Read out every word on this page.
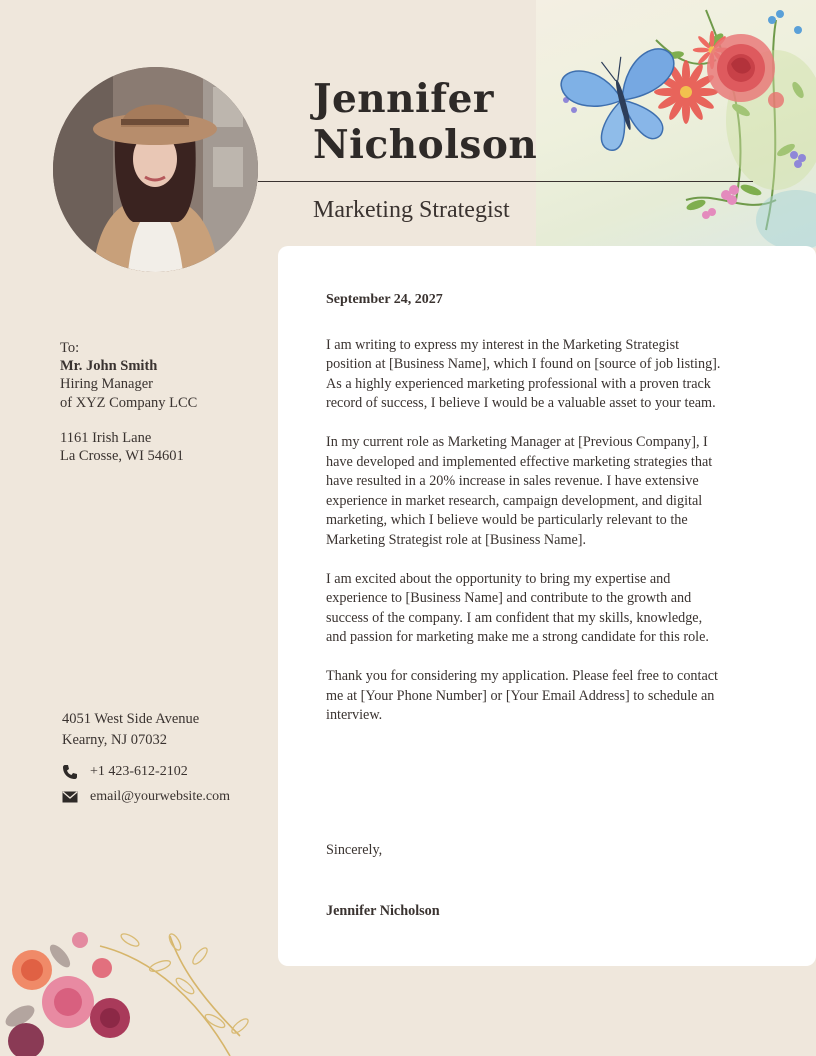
Jennifer
Nicholson
Marketing Strategist
To:
Mr. John Smith
Hiring Manager
of XYZ Company LCC
1161 Irish Lane
La Crosse, WI 54601
4051 West Side Avenue
Kearny, NJ 07032
+1 423-612-2102
email@yourwebsite.com
September 24, 2027

I am writing to express my interest in the Marketing Strategist position at [Business Name], which I found on [source of job listing]. As a highly experienced marketing professional with a proven track record of success, I believe I would be a valuable asset to your team.

In my current role as Marketing Manager at [Previous Company], I have developed and implemented effective marketing strategies that have resulted in a 20% increase in sales revenue. I have extensive experience in market research, campaign development, and digital marketing, which I believe would be particularly relevant to the Marketing Strategist role at [Business Name].

I am excited about the opportunity to bring my expertise and experience to [Business Name] and contribute to the growth and success of the company. I am confident that my skills, knowledge, and passion for marketing make me a strong candidate for this role.

Thank you for considering my application. Please feel free to contact me at [Your Phone Number] or [Your Email Address] to schedule an interview.

Sincerely,
Jennifer Nicholson
